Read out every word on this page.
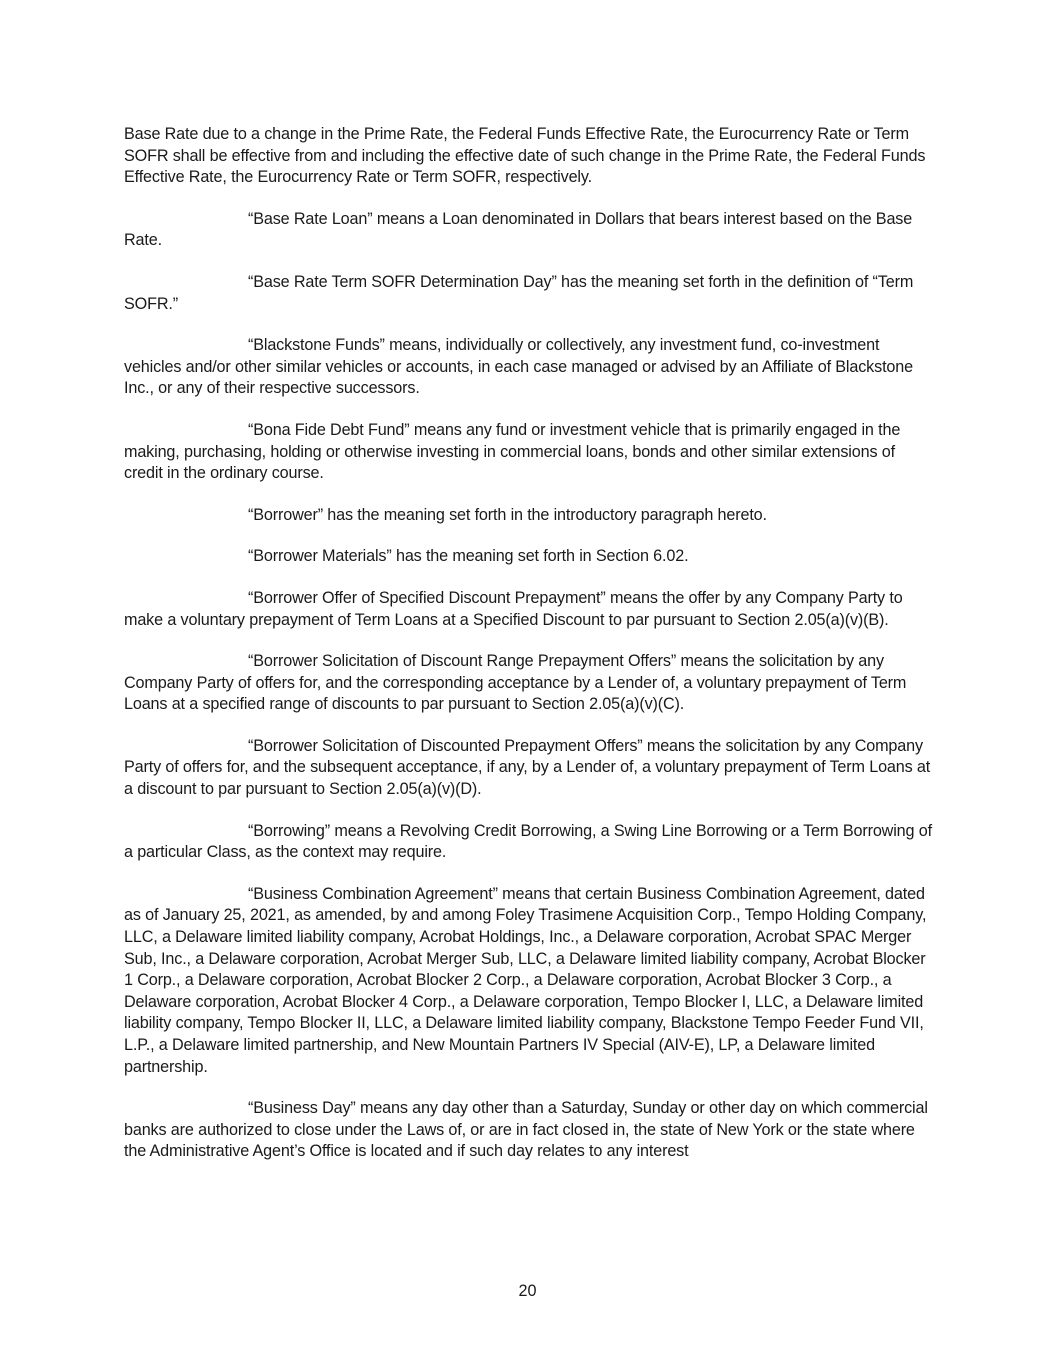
Base Rate due to a change in the Prime Rate, the Federal Funds Effective Rate, the Eurocurrency Rate or Term SOFR shall be effective from and including the effective date of such change in the Prime Rate, the Federal Funds Effective Rate, the Eurocurrency Rate or Term SOFR, respectively.

“Base Rate Loan” means a Loan denominated in Dollars that bears interest based on the Base Rate.

“Base Rate Term SOFR Determination Day” has the meaning set forth in the definition of “Term SOFR.”

“Blackstone Funds” means, individually or collectively, any investment fund, co-investment vehicles and/or other similar vehicles or accounts, in each case managed or advised by an Affiliate of Blackstone Inc., or any of their respective successors.

“Bona Fide Debt Fund” means any fund or investment vehicle that is primarily engaged in the making, purchasing, holding or otherwise investing in commercial loans, bonds and other similar extensions of credit in the ordinary course.

“Borrower” has the meaning set forth in the introductory paragraph hereto.

“Borrower Materials” has the meaning set forth in Section 6.02.

“Borrower Offer of Specified Discount Prepayment” means the offer by any Company Party to make a voluntary prepayment of Term Loans at a Specified Discount to par pursuant to Section 2.05(a)(v)(B).

“Borrower Solicitation of Discount Range Prepayment Offers” means the solicitation by any Company Party of offers for, and the corresponding acceptance by a Lender of, a voluntary prepayment of Term Loans at a specified range of discounts to par pursuant to Section 2.05(a)(v)(C).

“Borrower Solicitation of Discounted Prepayment Offers” means the solicitation by any Company Party of offers for, and the subsequent acceptance, if any, by a Lender of, a voluntary prepayment of Term Loans at a discount to par pursuant to Section 2.05(a)(v)(D).

“Borrowing” means a Revolving Credit Borrowing, a Swing Line Borrowing or a Term Borrowing of a particular Class, as the context may require.

“Business Combination Agreement” means that certain Business Combination Agreement, dated as of January 25, 2021, as amended, by and among Foley Trasimene Acquisition Corp., Tempo Holding Company, LLC, a Delaware limited liability company, Acrobat Holdings, Inc., a Delaware corporation, Acrobat SPAC Merger Sub, Inc., a Delaware corporation, Acrobat Merger Sub, LLC, a Delaware limited liability company, Acrobat Blocker 1 Corp., a Delaware corporation, Acrobat Blocker 2 Corp., a Delaware corporation, Acrobat Blocker 3 Corp., a Delaware corporation, Acrobat Blocker 4 Corp., a Delaware corporation, Tempo Blocker I, LLC, a Delaware limited liability company, Tempo Blocker II, LLC, a Delaware limited liability company, Blackstone Tempo Feeder Fund VII, L.P., a Delaware limited partnership, and New Mountain Partners IV Special (AIV-E), LP, a Delaware limited partnership.

“Business Day” means any day other than a Saturday, Sunday or other day on which commercial banks are authorized to close under the Laws of, or are in fact closed in, the state of New York or the state where the Administrative Agent’s Office is located and if such day relates to any interest

20
